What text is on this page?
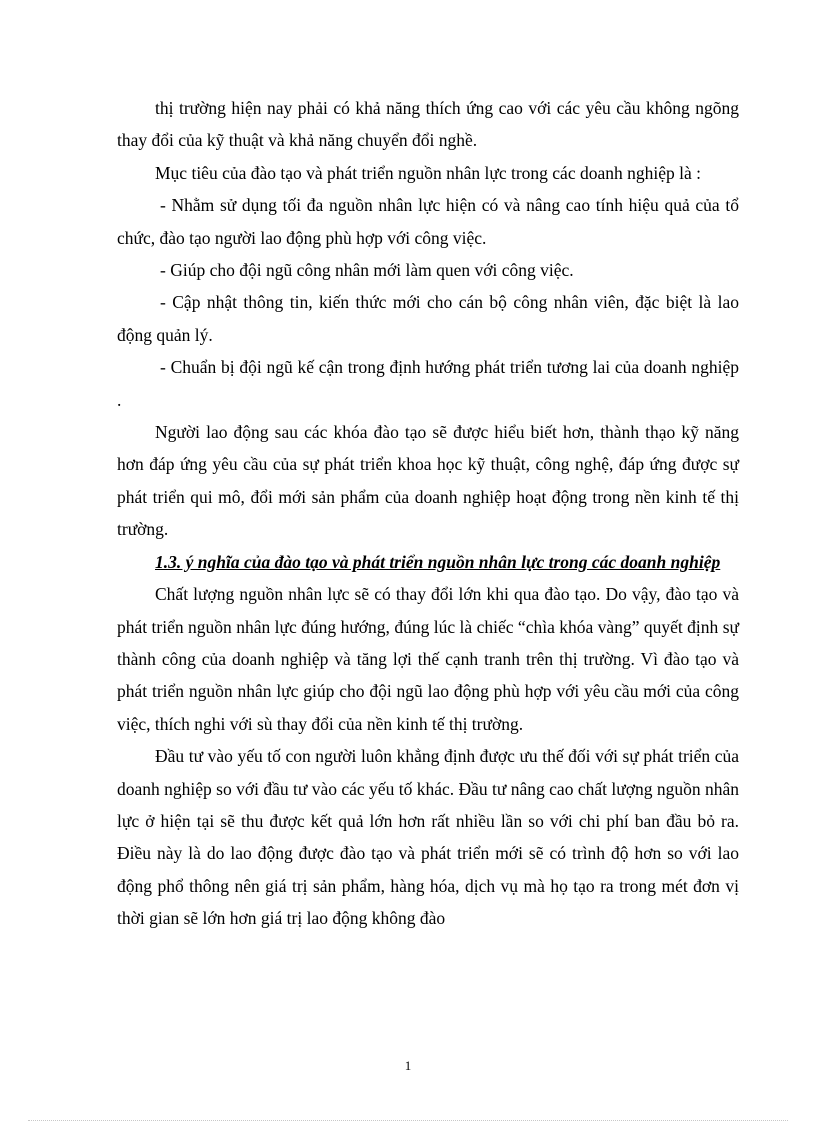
thị trường hiện nay phải có khả năng thích ứng cao với các yêu cầu không ngõng thay đổi của kỹ thuật và khả năng chuyển đổi nghề.

Mục tiêu của đào tạo và phát triển nguồn nhân lực trong các doanh nghiệp là :

- Nhằm sử dụng tối đa nguồn nhân lực hiện có và nâng cao tính hiệu quả của tổ chức, đào tạo người lao động phù hợp với công việc.

- Giúp cho đội ngũ công nhân mới làm quen với công việc.

- Cập nhật thông tin, kiến thức mới cho cán bộ công nhân viên, đặc biệt là lao động quản lý.

- Chuẩn bị đội ngũ kế cận trong định hướng phát triển tương lai của doanh nghiệp .

Người lao động sau các khóa đào tạo sẽ được hiểu biết hơn, thành thạo kỹ năng hơn đáp ứng yêu cầu của sự phát triển khoa học kỹ thuật, công nghệ, đáp ứng được sự phát triển qui mô, đổi mới sản phẩm của doanh nghiệp hoạt động trong nền kinh tế thị trường.

1.3. ý nghĩa của đào tạo và phát triển nguồn nhân lực trong các doanh nghiệp

Chất lượng nguồn nhân lực sẽ có thay đổi lớn khi qua đào tạo. Do vậy, đào tạo và phát triển nguồn nhân lực đúng hướng, đúng lúc là chiếc “chìa khóa vàng” quyết định sự thành công của doanh nghiệp và tăng lợi thế cạnh tranh trên thị trường. Vì đào tạo và phát triển nguồn nhân lực giúp cho đội ngũ lao động phù hợp với yêu cầu mới của công việc, thích nghi với sù thay đổi của nền kinh tế thị trường.

Đầu tư vào yếu tố con người luôn khẳng định được ưu thế đối với sự phát triển của doanh nghiệp so với đầu tư vào các yếu tố khác. Đầu tư nâng cao chất lượng nguồn nhân lực ở hiện tại sẽ thu được kết quả lớn hơn rất nhiều lần so với chi phí ban đầu bỏ ra. Điều này là do lao động được đào tạo và phát triển mới sẽ có trình độ hơn so với lao động phổ thông nên giá trị sản phẩm, hàng hóa, dịch vụ mà họ tạo ra trong mét đơn vị thời gian sẽ lớn hơn giá trị lao động không đào

1
